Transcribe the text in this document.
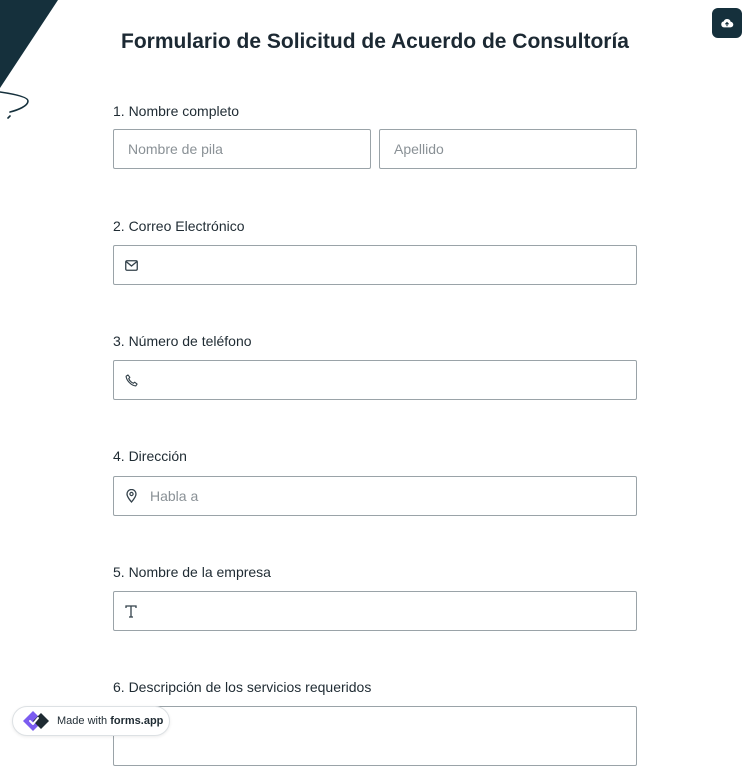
Formulario de Solicitud de Acuerdo de Consultoría

1. Nombre completo

Nombre de pila	Apellido

2. Correo Electrónico

3. Número de teléfono

4. Dirección

Habla a

5. Nombre de la empresa

6. Descripción de los servicios requeridos

Made with forms.app
